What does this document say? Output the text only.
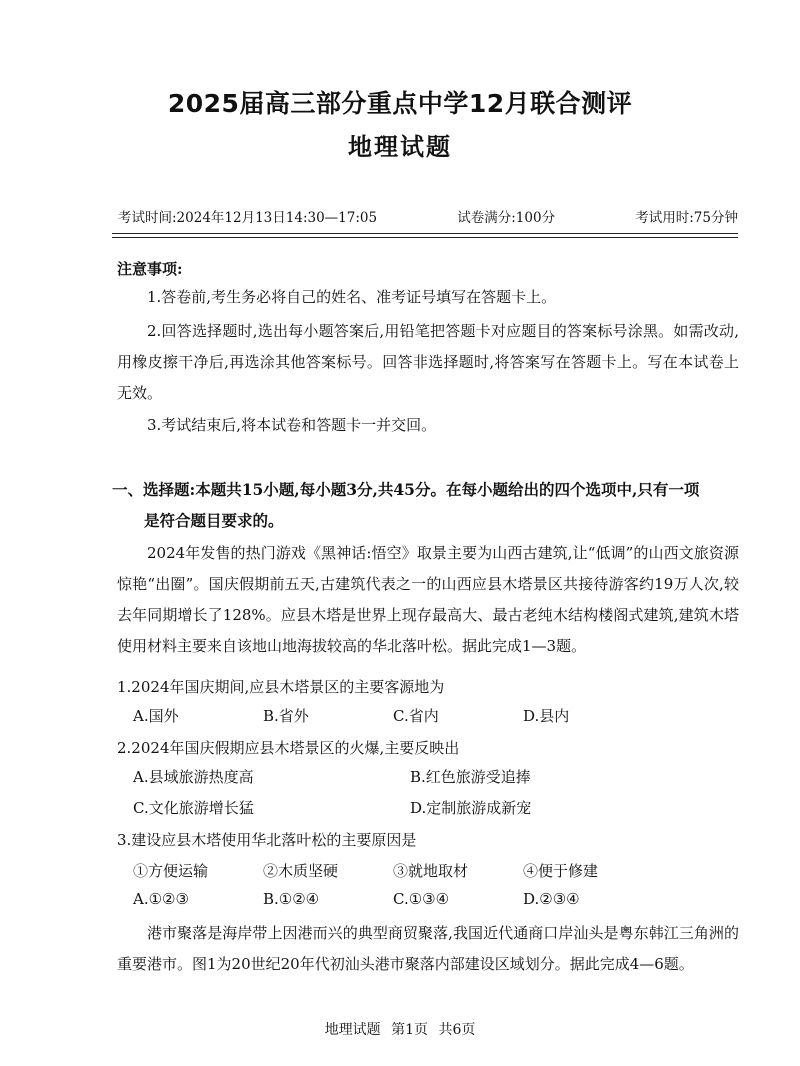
2025届高三部分重点中学12月联合测评
地理试题
考试时间:2024年12月13日14:30—17:05	试卷满分:100分	考试用时:75分钟
注意事项:
1.答卷前,考生务必将自己的姓名、准考证号填写在答题卡上。
2.回答选择题时,选出每小题答案后,用铅笔把答题卡对应题目的答案标号涂黑。如需改动,用橡皮擦干净后,再选涂其他答案标号。回答非选择题时,将答案写在答题卡上。写在本试卷上无效。
3.考试结束后,将本试卷和答题卡一并交回。
一、选择题:本题共15小题,每小题3分,共45分。在每小题给出的四个选项中,只有一项
是符合题目要求的。
2024年发售的热门游戏《黑神话:悟空》取景主要为山西古建筑,让“低调”的山西文旅资源惊艳“出圈”。国庆假期前五天,古建筑代表之一的山西应县木塔景区共接待游客约19万人次,较去年同期增长了128%。应县木塔是世界上现存最高大、最古老纯木结构楼阁式建筑,建筑木塔使用材料主要来自该地山地海拔较高的华北落叶松。据此完成1—3题。
1.2024年国庆期间,应县木塔景区的主要客源地为
A.国外	B.省外	C.省内	D.县内
2.2024年国庆假期应县木塔景区的火爆,主要反映出
A.县域旅游热度高	B.红色旅游受追捧
C.文化旅游增长猛	D.定制旅游成新宠
3.建设应县木塔使用华北落叶松的主要原因是
①方便运输	②木质坚硬	③就地取材	④便于修建
A.①②③	B.①②④	C.①③④	D.②③④
港市聚落是海岸带上因港而兴的典型商贸聚落,我国近代通商口岸汕头是粤东韩江三角洲的重要港市。图1为20世纪20年代初汕头港市聚落内部建设区域划分。据此完成4—6题。
地理试题 第1页 共6页
